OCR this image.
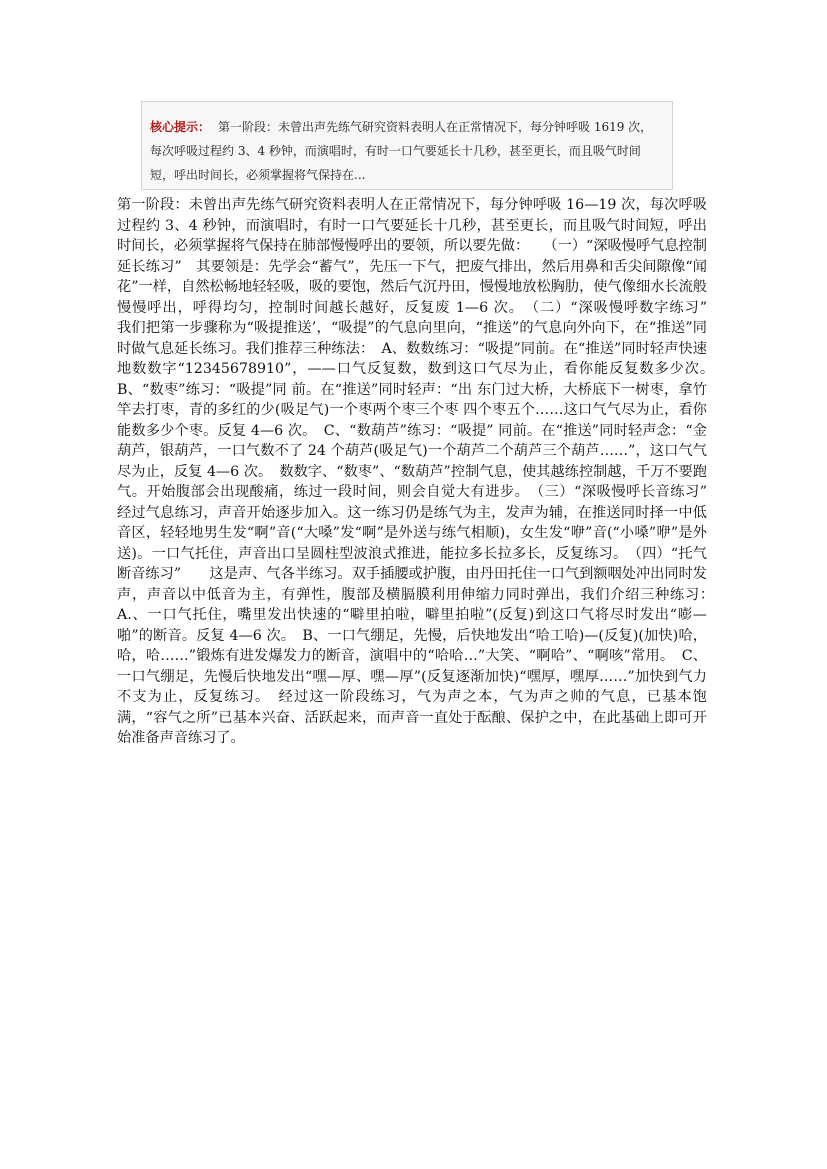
核心提示： 第一阶段：未曾出声先练气研究资料表明人在正常情况下，每分钟呼吸 1619 次，每次呼吸过程约 3、4 秒钟，而演唱时，有时一口气要延长十几秒，甚至更长，而且吸气时间短，呼出时间长，必须掌握将气保持在...
第一阶段：未曾出声先练气研究资料表明人在正常情况下，每分钟呼吸 16—19 次，每次呼吸过程约 3、4 秒钟，而演唱时，有时一口气要延长十几秒，甚至更长，而且吸气时间短，呼出时间长，必须掌握将气保持在肺部慢慢呼出的要领，所以要先做：　　（一）“深吸慢呼气息控制延长练习”　其要领是：先学会“蓄气”，先压一下气，把废气排出，然后用鼻和舌尖间隙像“闻花”一样，自然松畅地轻轻吸，吸的要饱，然后气沉丹田，慢慢地放松胸肋，使气像细水长流般慢慢呼出，呼得均匀，控制时间越长越好，反复废 1—6 次。　（二）“深吸慢呼数字练习”　　我们把第一步骤称为“吸提推送’，“吸提”的气息向里向，“推送”的气息向外向下，在“推送”同时做气息延长练习。我们推荐三种练法：　A、数数练习：“吸提”同前。在“推送”同时轻声快速地数数字“12345678910”，——口气反复数，数到这口气尽为止，看你能反复数多少次。　B、“数枣”练习：“吸提”同 前。在“推送”同时轻声：“出 东门过大桥，大桥底下一树枣，拿竹竿去打枣，青的多红的少(吸足气)一个枣两个枣三个枣 四个枣五个……这口气气尽为止，看你能数多少个枣。反复 4—6 次。　C、“数葫芦”练习：“吸提” 同前。在“推送”同时轻声念：“金葫芦，银葫芦，一口气数不了 24 个葫芦(吸足气)一个葫芦二个葫芦三个葫芦……”，这口气气尽为止，反复 4—6 次。　数数字、“数枣”、“数葫芦”控制气息，使其越练控制越，千万不要跑气。开始腹部会出现酸痛，练过一段时间，则会自觉大有进步。　（三）“深吸慢呼长音练习”　　经过气息练习，声音开始逐步加入。这一练习仍是练气为主，发声为辅，在推送同时择一中低音区，轻轻地男生发“啊”音(“大嗓”发“啊”是外送与练气相顺)，女生发“咿”音(“小嗓”咿”是外送)。一口气托住，声音出口呈圆柱型波浪式推进，能拉多长拉多长，反复练习。　（四）“托气断音练习”　　这是声、气各半练习。双手插腰或护腹，由丹田托住一口气到额咽处冲出同时发声，声音以中低音为主，有弹性，腹部及横膈膜利用伸缩力同时弹出，我们介绍三种练习：　A.、一口气托住，嘴里发出快速的“噼里拍啦，噼里拍啦”(反复)到这口气将尽时发出“嘭—啪”的断音。反复 4—6 次。　B、一口气绷足，先慢，后快地发出“哈工哈)—(反复)(加快)哈，哈，哈……”锻炼有进发爆发力的断音，演唱中的“哈哈…”大笑、“啊哈”、“啊咳”常用。　C、一口气绷足，先慢后快地发出“嘿—厚、嘿—厚”(反复逐渐加快)“嘿厚，嘿厚……”加快到气力不支为止，反复练习。　经过这一阶段练习，气为声之本，气为声之帅的气息，已基本饱满，“容气之所”已基本兴奋、活跃起来，而声音一直处于酝酿、保护之中，在此基础上即可开始准备声音练习了。
